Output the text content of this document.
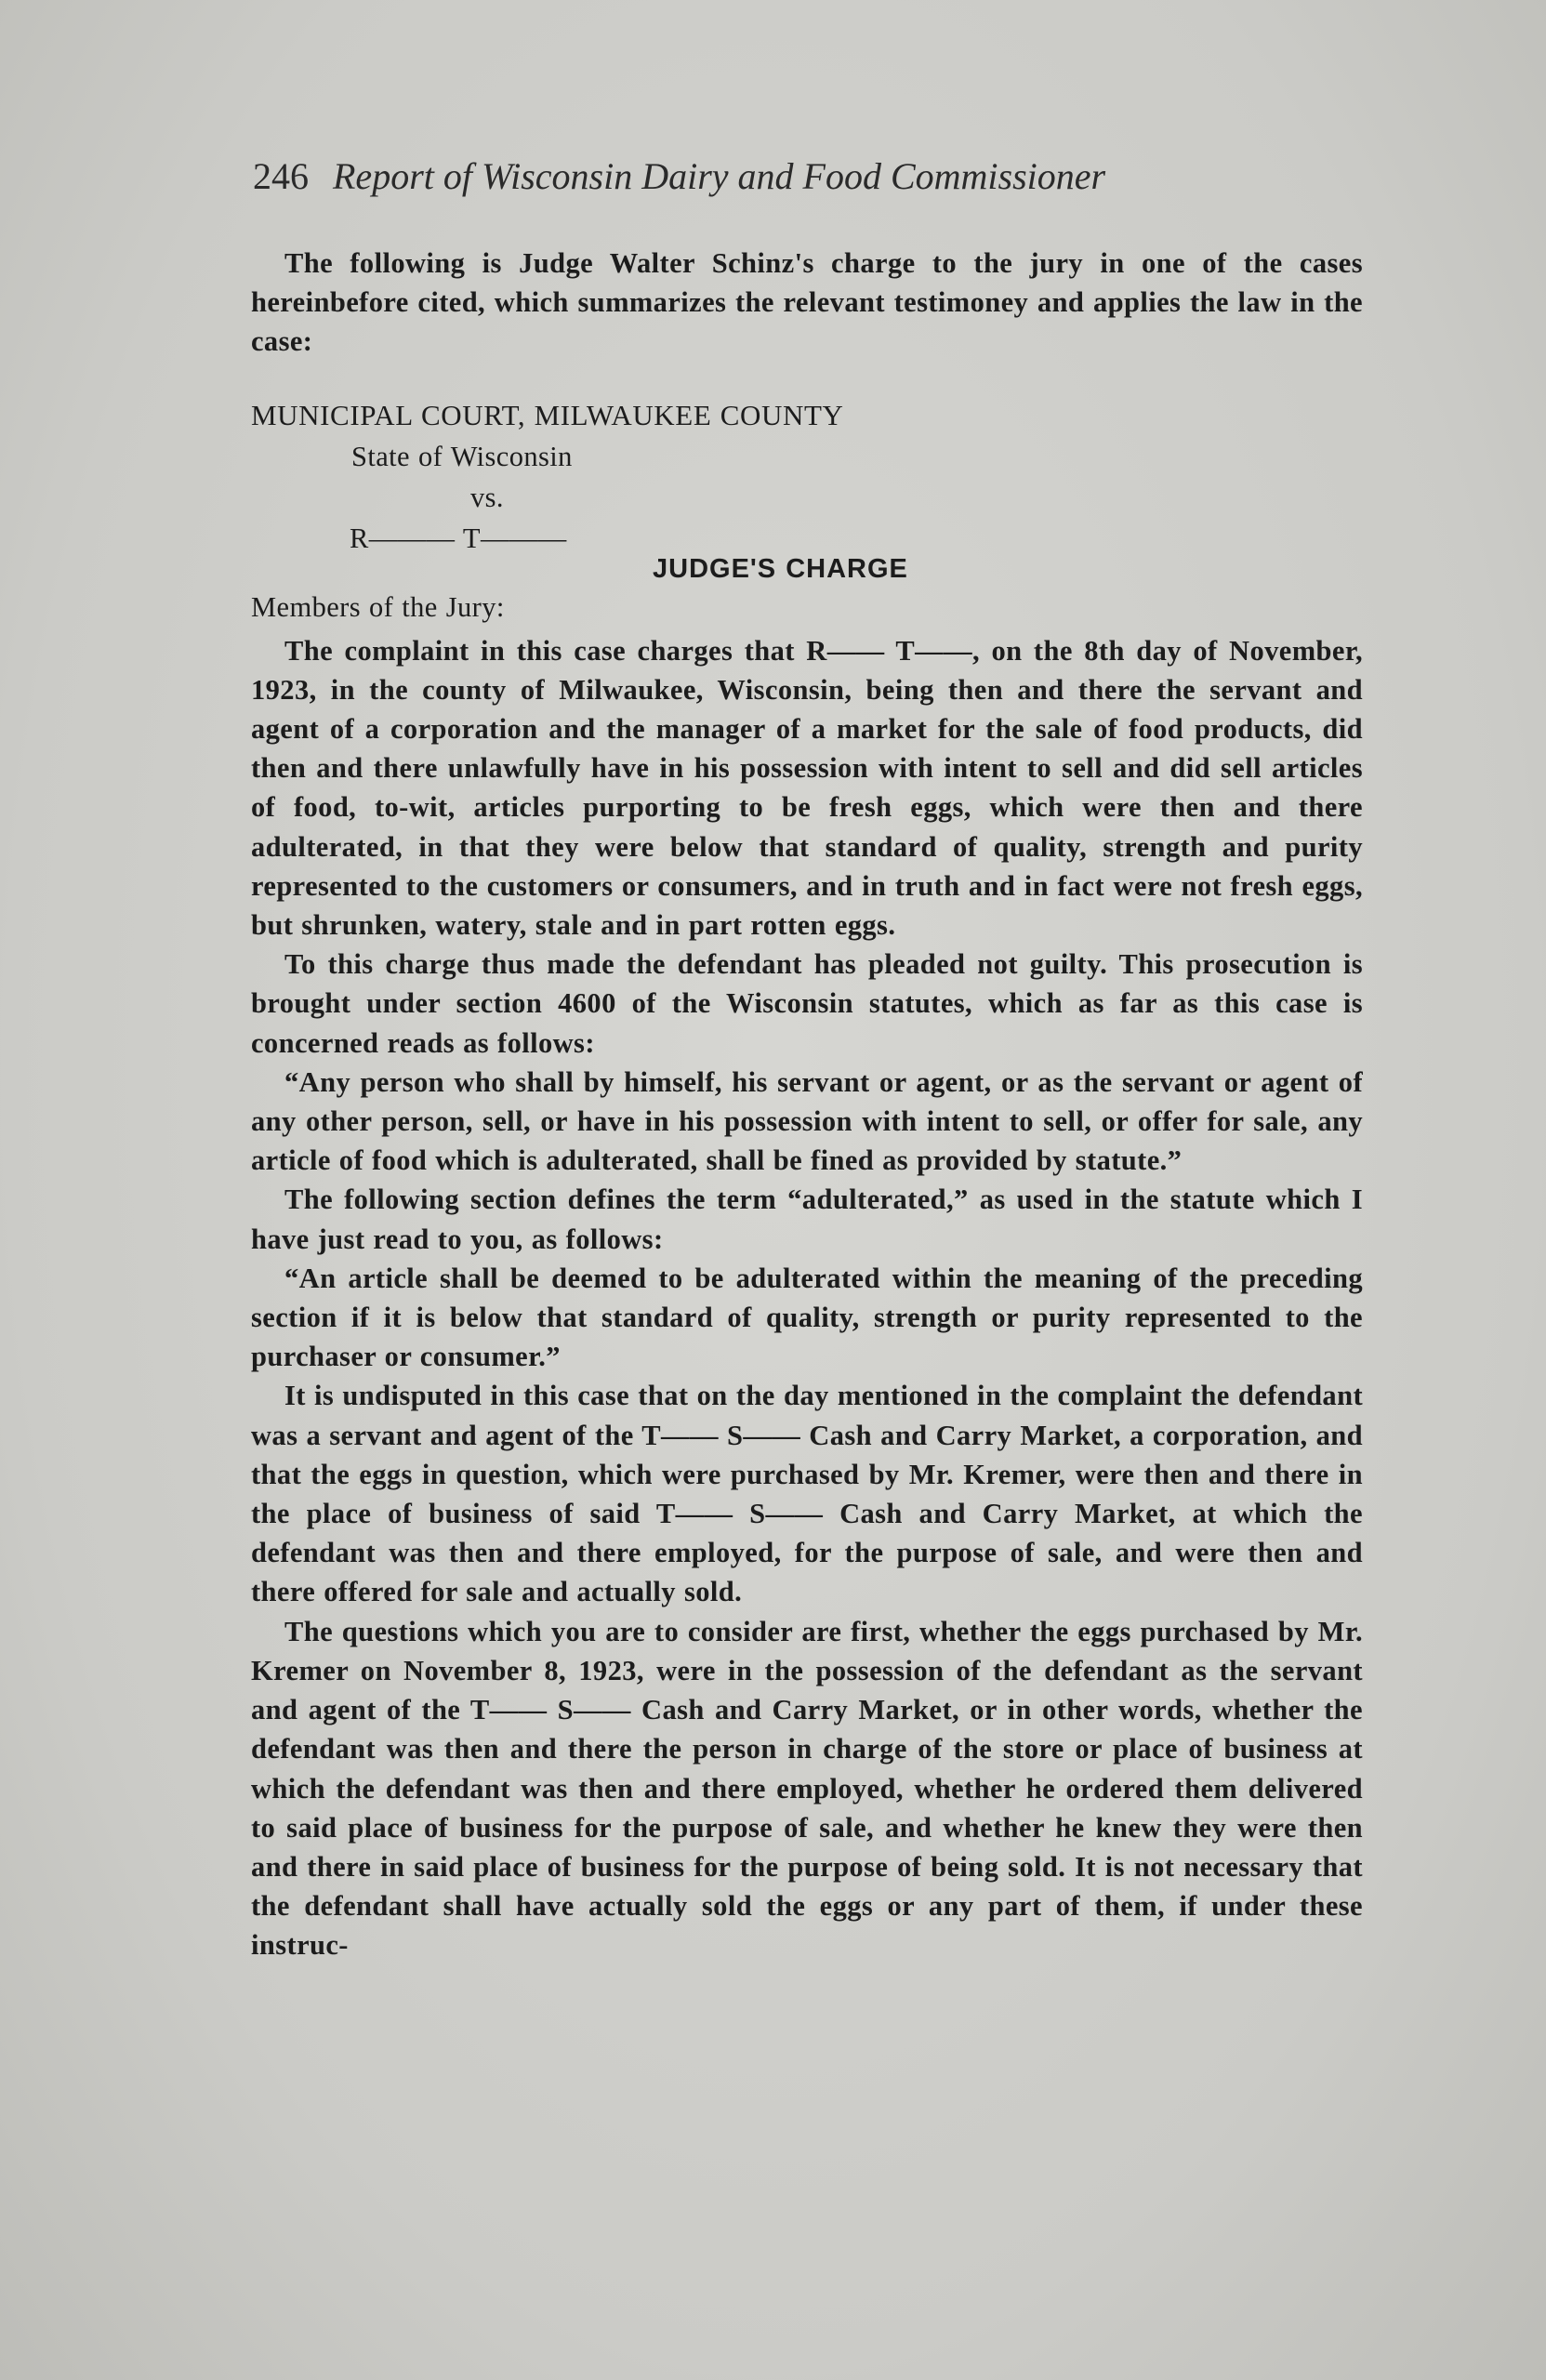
246 Report of Wisconsin Dairy and Food Commissioner

The following is Judge Walter Schinz's charge to the jury in one of the cases hereinbefore cited, which summarizes the relevant testimoney and applies the law in the case:

MUNICIPAL COURT, MILWAUKEE COUNTY
State of Wisconsin
vs.
R——— T———
JUDGE'S CHARGE
Members of the Jury:

The complaint in this case charges that R—— T——, on the 8th day of November, 1923, in the county of Milwaukee, Wisconsin, being then and there the servant and agent of a corporation and the manager of a market for the sale of food products, did then and there unlawfully have in his possession with intent to sell and did sell articles of food, to-wit, articles purporting to be fresh eggs, which were then and there adulterated, in that they were below that standard of quality, strength and purity represented to the customers or consumers, and in truth and in fact were not fresh eggs, but shrunken, watery, stale and in part rotten eggs.

To this charge thus made the defendant has pleaded not guilty. This prosecution is brought under section 4600 of the Wisconsin statutes, which as far as this case is concerned reads as follows:

“Any person who shall by himself, his servant or agent, or as the servant or agent of any other person, sell, or have in his possession with intent to sell, or offer for sale, any article of food which is adulterated, shall be fined as provided by statute.”

The following section defines the term “adulterated,” as used in the statute which I have just read to you, as follows:

“An article shall be deemed to be adulterated within the meaning of the preceding section if it is below that standard of quality, strength or purity represented to the purchaser or consumer.”

It is undisputed in this case that on the day mentioned in the complaint the defendant was a servant and agent of the T—— S—— Cash and Carry Market, a corporation, and that the eggs in question, which were purchased by Mr. Kremer, were then and there in the place of business of said T—— S—— Cash and Carry Market, at which the defendant was then and there employed, for the purpose of sale, and were then and there offered for sale and actually sold.

The questions which you are to consider are first, whether the eggs purchased by Mr. Kremer on November 8, 1923, were in the possession of the defendant as the servant and agent of the T—— S—— Cash and Carry Market, or in other words, whether the defendant was then and there the person in charge of the store or place of business at which the defendant was then and there employed, whether he ordered them delivered to said place of business for the purpose of sale, and whether he knew they were then and there in said place of business for the purpose of being sold. It is not necessary that the defendant shall have actually sold the eggs or any part of them, if under these instruc-
